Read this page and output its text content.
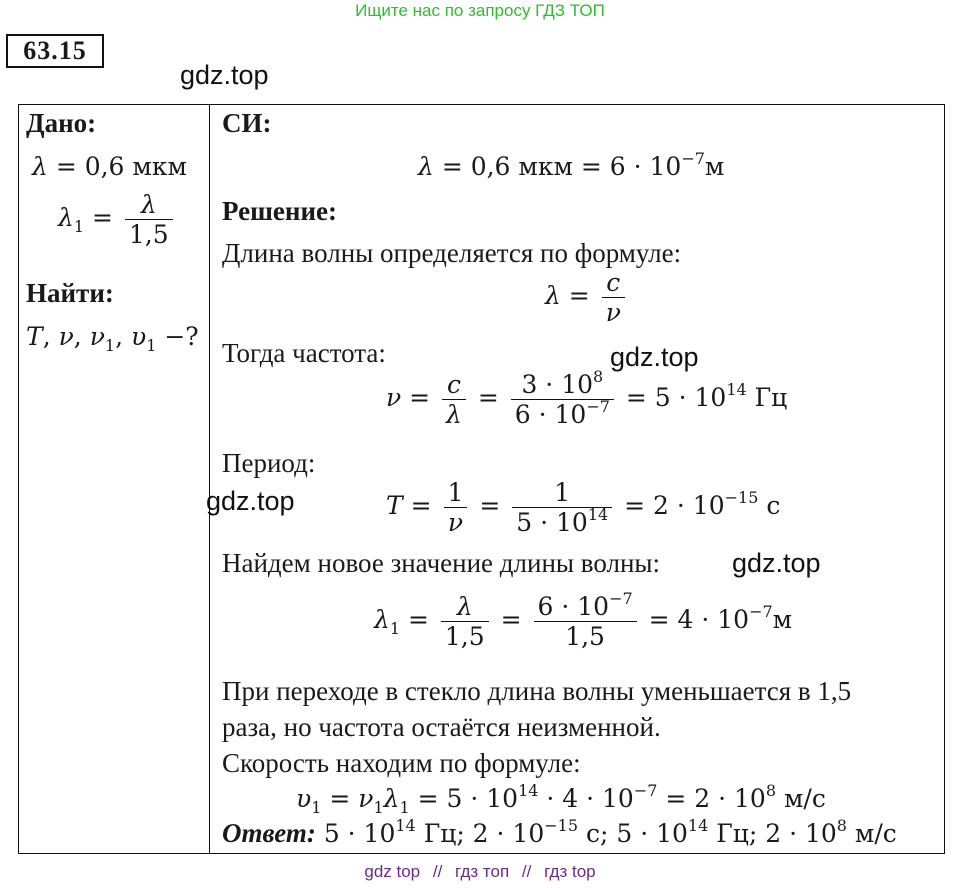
Ищите нас по запросу ГДЗ ТОП
63.15
gdz.top
Дано:
λ = 0,6 мкм
$\lambda_1 = \frac{\lambda}{1,5}$
Найти:
T, ν, $\nu_1$, $\upsilon_1$ −?
СИ:
λ = 0,6 мкм = $6 \cdot 10^{-7}м$
Решение:
Длина волны определяется по формуле:
$\lambda = \frac{c}{\nu}$
Тогда частота:	gdz.top
$\nu = \frac{c}{\lambda} = \frac{3 \cdot 10^8}{6 \cdot 10^{-7}} = 5 \cdot 10^{14}$ Гц
Период:
gdz.top	$T = \frac{1}{\nu} = \frac{1}{5 \cdot 10^{14}} = 2 \cdot 10^{-15}$ с
Найдем новое значение длины волны:	gdz.top
$\lambda_1 = \frac{\lambda}{1,5} = \frac{6 \cdot 10^{-7}}{1,5} = 4 \cdot 10^{-7}м$
При переходе в стекло длина волны уменьшается в 1,5
раза, но частота остаётся неизменной.
Скорость находим по формуле:
$\upsilon_1 = \nu_1\lambda_1 = 5 \cdot 10^{14} \cdot 4 \cdot 10^{-7} = 2 \cdot 10^8$ м/с
Ответ: $5 \cdot 10^{14}$ Гц; $2 \cdot 10^{-15}$ с; $5 \cdot 10^{14}$ Гц; $2 \cdot 10^8$ м/с
gdz top // гдз топ // гдз top
